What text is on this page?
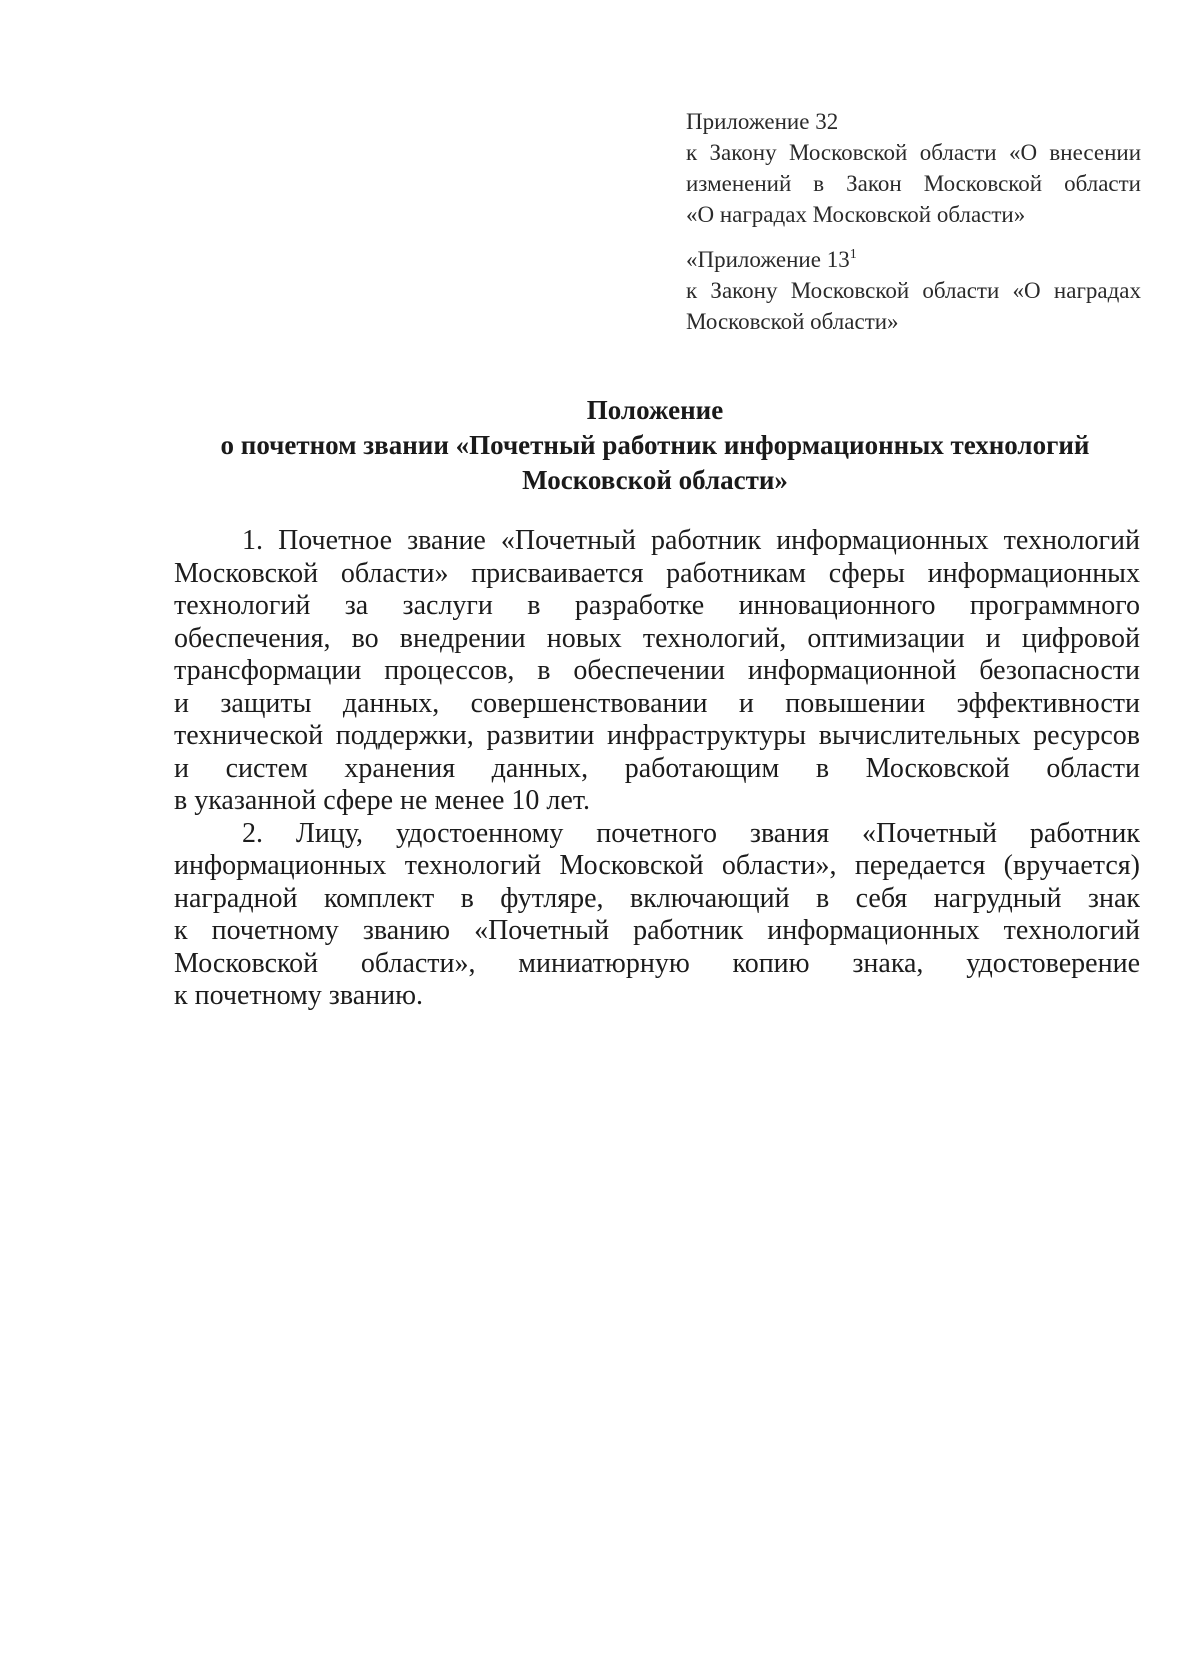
Приложение 32
к Закону Московской области «О внесении
изменений в Закон Московской области
«О наградах Московской области»
«Приложение $13^1$
к Закону Московской области «О наградах
Московской области»
Положение
о почетном звании «Почетный работник информационных технологий
Московской области»
1. Почетное звание «Почетный работник информационных технологий
Московской области» присваивается работникам сферы информационных
технологий за заслуги в разработке инновационного программного
обеспечения, во внедрении новых технологий, оптимизации и цифровой
трансформации процессов, в обеспечении информационной безопасности
и защиты данных, совершенствовании и повышении эффективности
технической поддержки, развитии инфраструктуры вычислительных ресурсов
и систем хранения данных, работающим в Московской области
в указанной сфере не менее 10 лет.
2. Лицу, удостоенному почетного звания «Почетный работник
информационных технологий Московской области», передается (вручается)
наградной комплект в футляре, включающий в себя нагрудный знак
к почетному званию «Почетный работник информационных технологий
Московской области», миниатюрную копию знака, удостоверение
к почетному званию.
